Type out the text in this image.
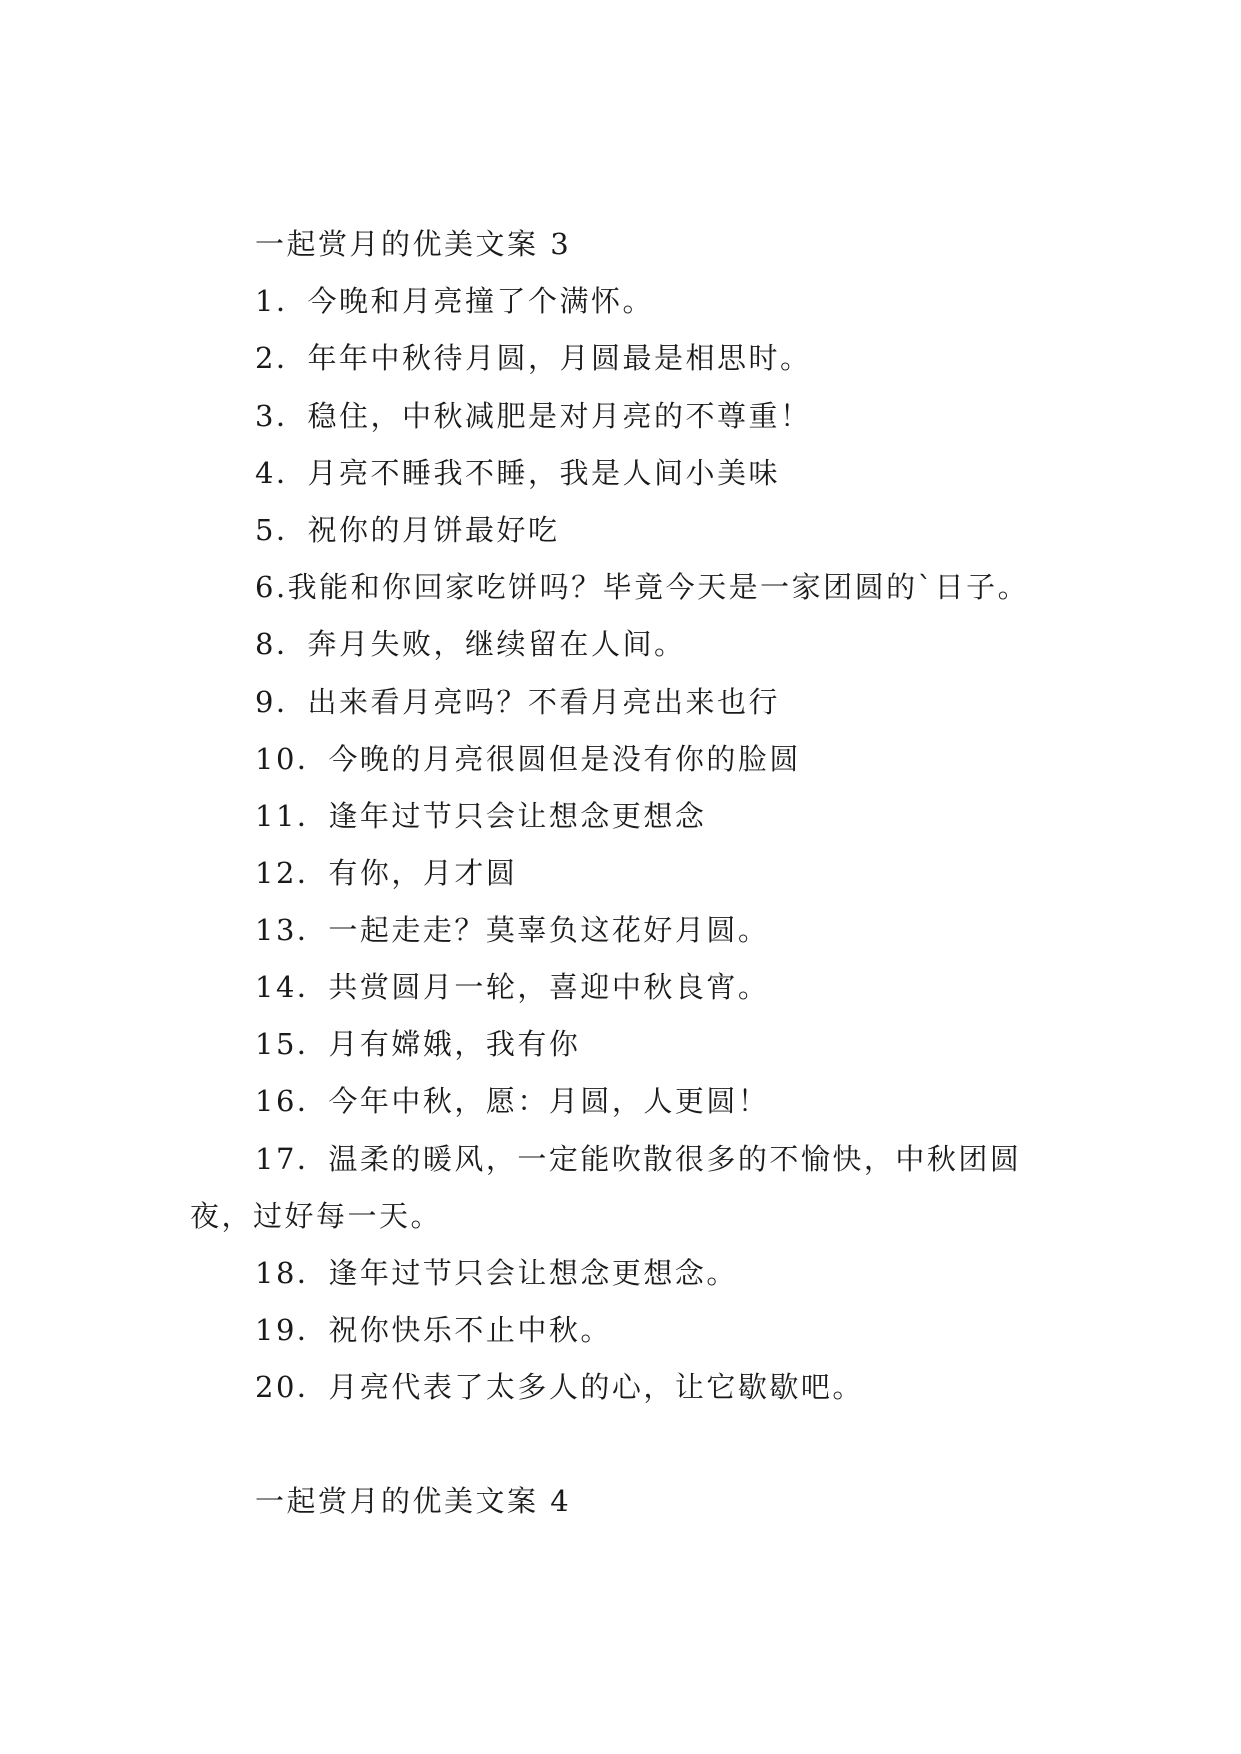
一起赏月的优美文案 3
1．今晚和月亮撞了个满怀。
2．年年中秋待月圆，月圆最是相思时。
3．稳住，中秋减肥是对月亮的不尊重！
4．月亮不睡我不睡，我是人间小美味
5．祝你的月饼最好吃
6.我能和你回家吃饼吗？毕竟今天是一家团圆的`日子。
8．奔月失败，继续留在人间。
9．出来看月亮吗？不看月亮出来也行
10．今晚的月亮很圆但是没有你的脸圆
11．逢年过节只会让想念更想念
12．有你，月才圆
13．一起走走？莫辜负这花好月圆。
14．共赏圆月一轮，喜迎中秋良宵。
15．月有嫦娥，我有你
16．今年中秋，愿：月圆，人更圆！
17．温柔的暖风，一定能吹散很多的不愉快，中秋团圆
夜，过好每一天。
18．逢年过节只会让想念更想念。
19．祝你快乐不止中秋。
20．月亮代表了太多人的心，让它歇歇吧。
一起赏月的优美文案 4
